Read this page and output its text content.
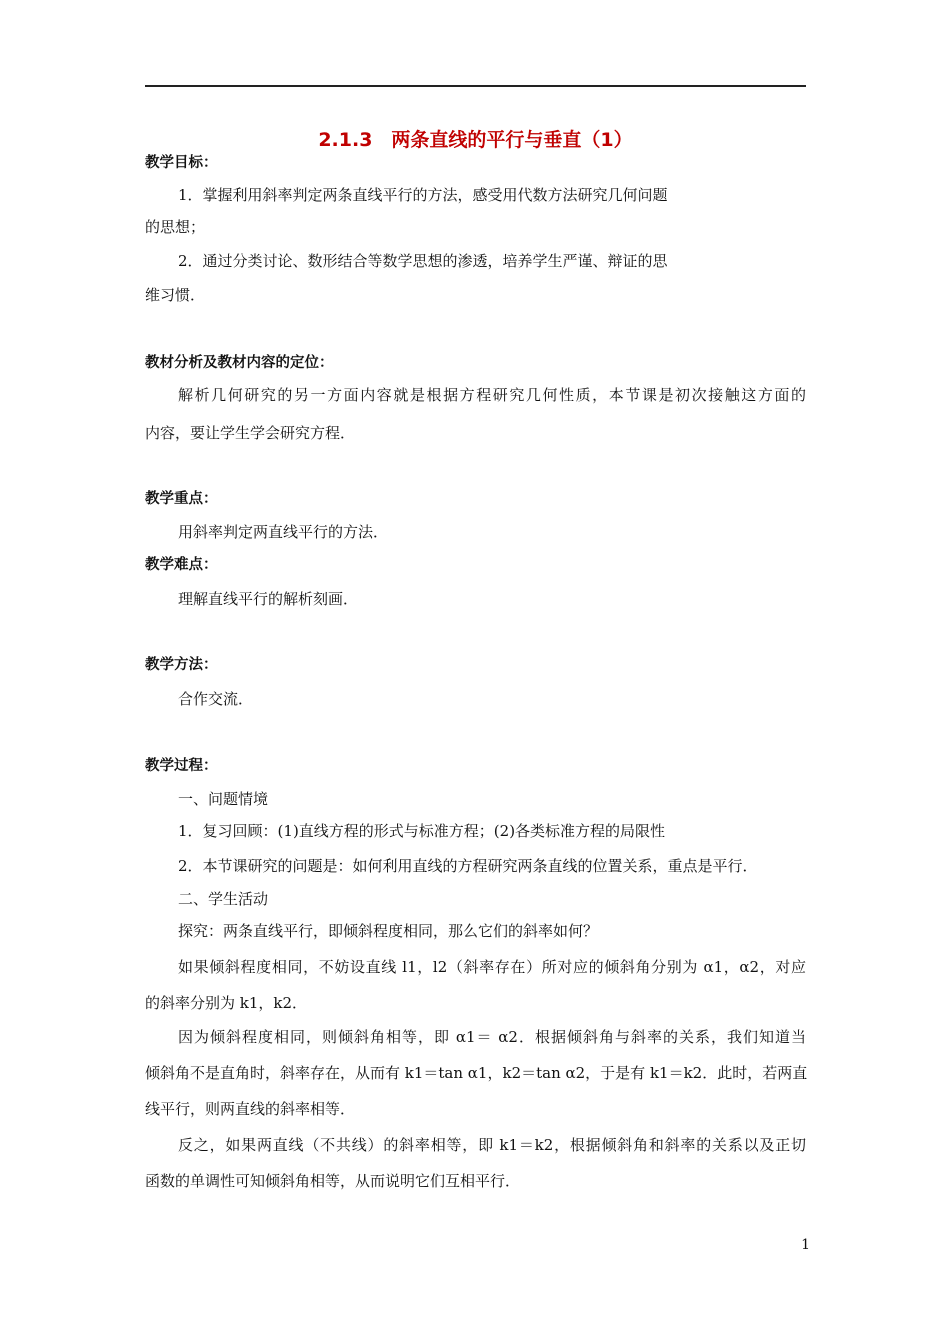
2.1.3　两条直线的平行与垂直（1）
教学目标：
1．掌握利用斜率判定两条直线平行的方法，感受用代数方法研究几何问题
的思想；
2．通过分类讨论、数形结合等数学思想的渗透，培养学生严谨、辩证的思
维习惯．
教材分析及教材内容的定位：
解析几何研究的另一方面内容就是根据方程研究几何性质，本节课是初次接触这方面的
内容，要让学生学会研究方程．
教学重点：
用斜率判定两直线平行的方法．
教学难点：
理解直线平行的解析刻画．
教学方法：
合作交流．
教学过程：
一、问题情境
1．复习回顾：(1)直线方程的形式与标准方程；(2)各类标准方程的局限性
2．本节课研究的问题是：如何利用直线的方程研究两条直线的位置关系，重点是平行．
二、学生活动
探究：两条直线平行，即倾斜程度相同，那么它们的斜率如何？
如果倾斜程度相同，不妨设直线 l1，l2（斜率存在）所对应的倾斜角分别为 α1，α2，对应
的斜率分别为 k1，k2．
因为倾斜程度相同，则倾斜角相等，即 α1＝ α2．根据倾斜角与斜率的关系，我们知道当
倾斜角不是直角时，斜率存在，从而有 k1＝tan α1，k2＝tan α2，于是有 k1＝k2．此时，若两直
线平行，则两直线的斜率相等．
反之，如果两直线（不共线）的斜率相等，即 k1＝k2，根据倾斜角和斜率的关系以及正切
函数的单调性可知倾斜角相等，从而说明它们互相平行．
1
